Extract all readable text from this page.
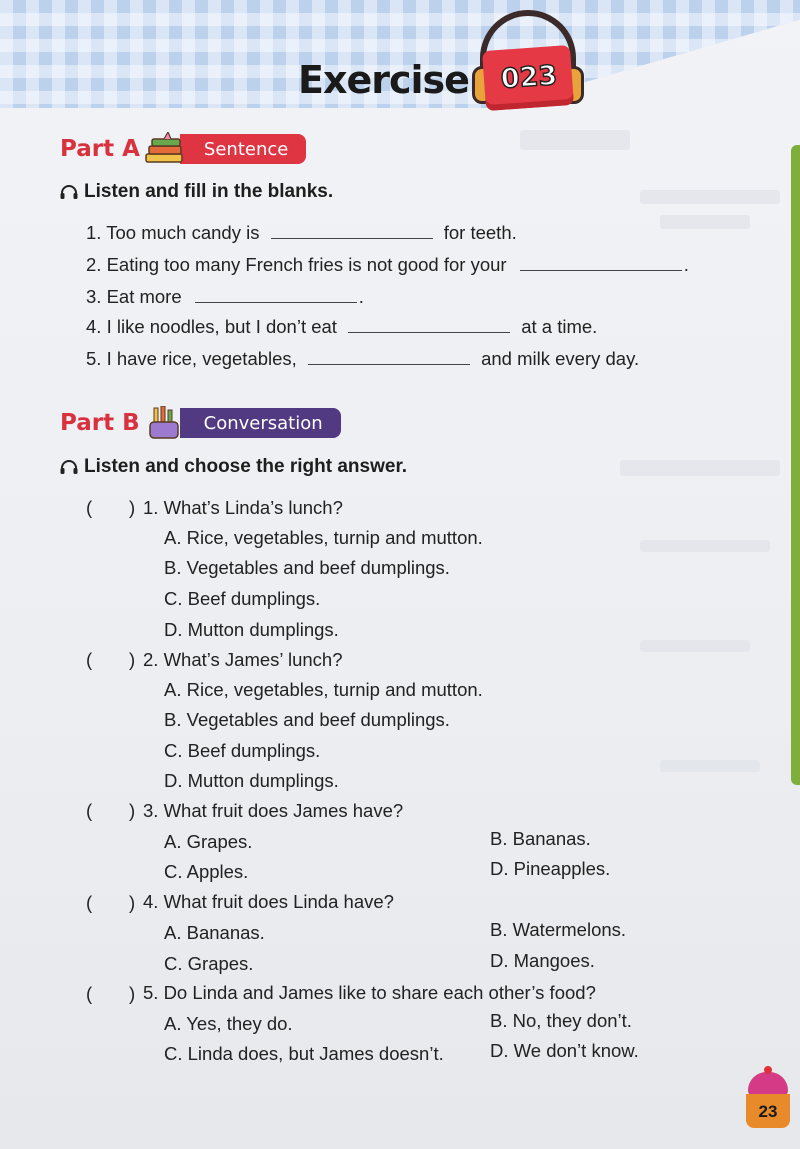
Exercise	023
Part A	Sentence
Listen and fill in the blanks.
1. Too much candy is	for teeth.
2. Eating too many French fries is not good for your	.
3. Eat more	.
4. I like noodles, but I don’t eat	at a time.
5. I have rice, vegetables,	and milk every day.
Part B	Conversation
Listen and choose the right answer.
( ) 1. What’s Linda’s lunch?
A. Rice, vegetables, turnip and mutton.
B. Vegetables and beef dumplings.
C. Beef dumplings.
D. Mutton dumplings.
( ) 2. What’s James’ lunch?
A. Rice, vegetables, turnip and mutton.
B. Vegetables and beef dumplings.
C. Beef dumplings.
D. Mutton dumplings.
( ) 3. What fruit does James have?
A. Grapes.	B. Bananas.
C. Apples.	D. Pineapples.
( ) 4. What fruit does Linda have?
A. Bananas.	B. Watermelons.
C. Grapes.	D. Mangoes.
( ) 5. Do Linda and James like to share each other’s food?
A. Yes, they do.	B. No, they don’t.
C. Linda does, but James doesn’t.	D. We don’t know.
23
